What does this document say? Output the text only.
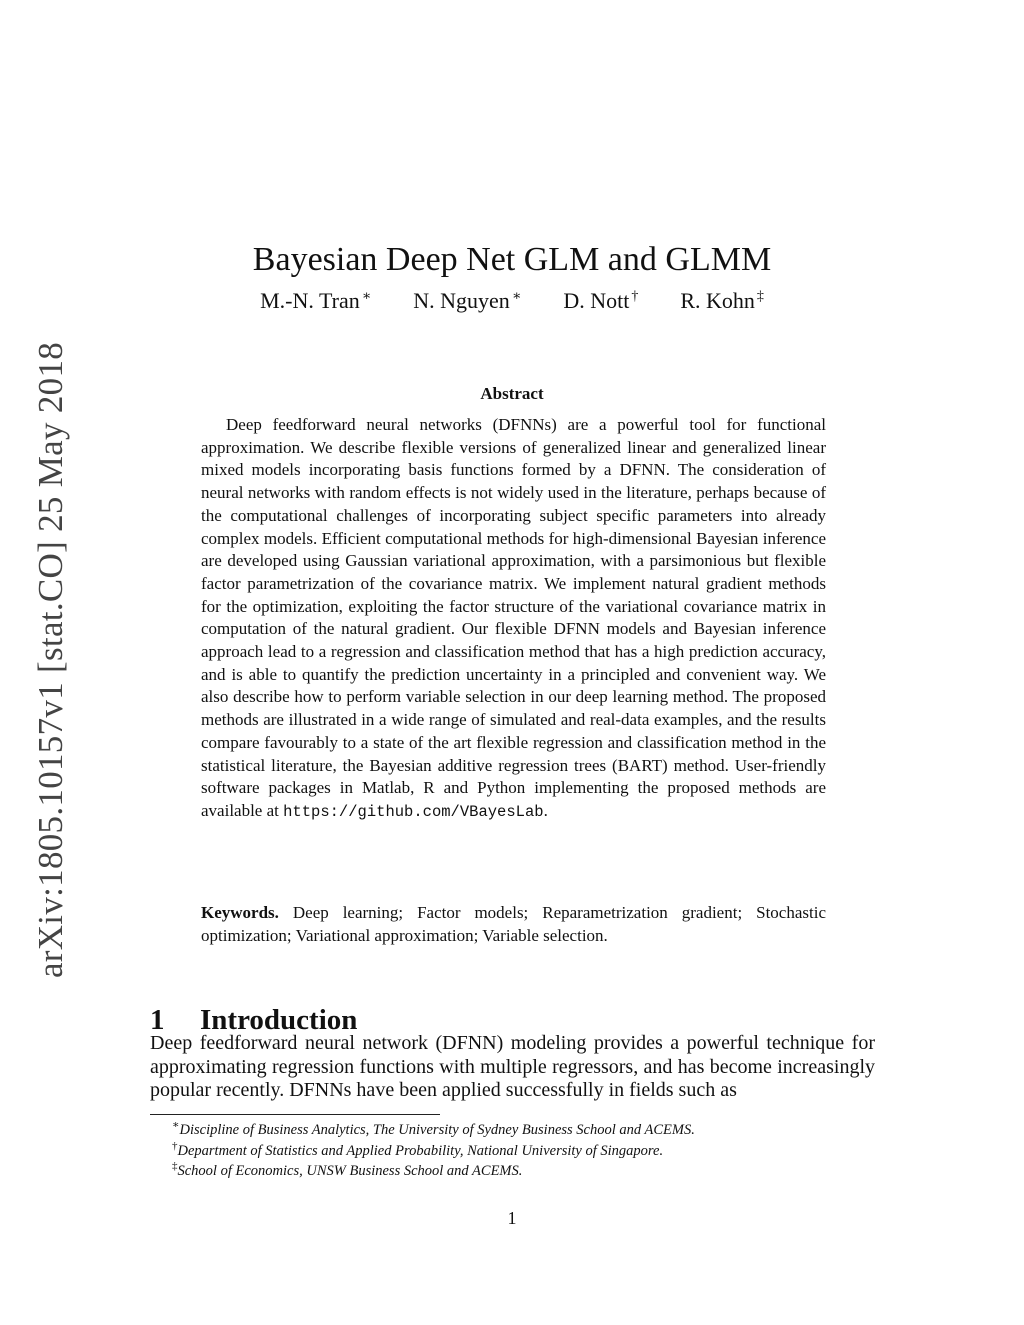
arXiv:1805.10157v1 [stat.CO] 25 May 2018
Bayesian Deep Net GLM and GLMM
M.-N. Tran ∗ N. Nguyen ∗ D. Nott † R. Kohn ‡
Abstract

Deep feedforward neural networks (DFNNs) are a powerful tool for functional approximation. We describe flexible versions of generalized linear and generalized linear mixed models incorporating basis functions formed by a DFNN. The consideration of neural networks with random effects is not widely used in the literature, perhaps because of the computational challenges of incorporating subject specific parameters into already complex models. Efficient computational methods for high-dimensional Bayesian inference are developed using Gaussian variational approximation, with a parsimonious but flexible factor parametrization of the covariance matrix. We implement natural gradient methods for the optimization, exploiting the factor structure of the variational covariance matrix in computation of the natural gradient. Our flexible DFNN models and Bayesian inference approach lead to a regression and classification method that has a high prediction accuracy, and is able to quantify the prediction uncertainty in a principled and convenient way. We also describe how to perform variable selection in our deep learning method. The proposed methods are illustrated in a wide range of simulated and real-data examples, and the results compare favourably to a state of the art flexible regression and classification method in the statistical literature, the Bayesian additive regression trees (BART) method. User-friendly software packages in Matlab, R and Python implementing the proposed methods are available at https://github.com/VBayesLab.

Keywords. Deep learning; Factor models; Reparametrization gradient; Stochastic optimization; Variational approximation; Variable selection.

1 Introduction

Deep feedforward neural network (DFNN) modeling provides a powerful technique for approximating regression functions with multiple regressors, and has become increasingly popular recently. DFNNs have been applied successfully in fields such as

∗Discipline of Business Analytics, The University of Sydney Business School and ACEMS.
†Department of Statistics and Applied Probability, National University of Singapore.
‡School of Economics, UNSW Business School and ACEMS.
1
